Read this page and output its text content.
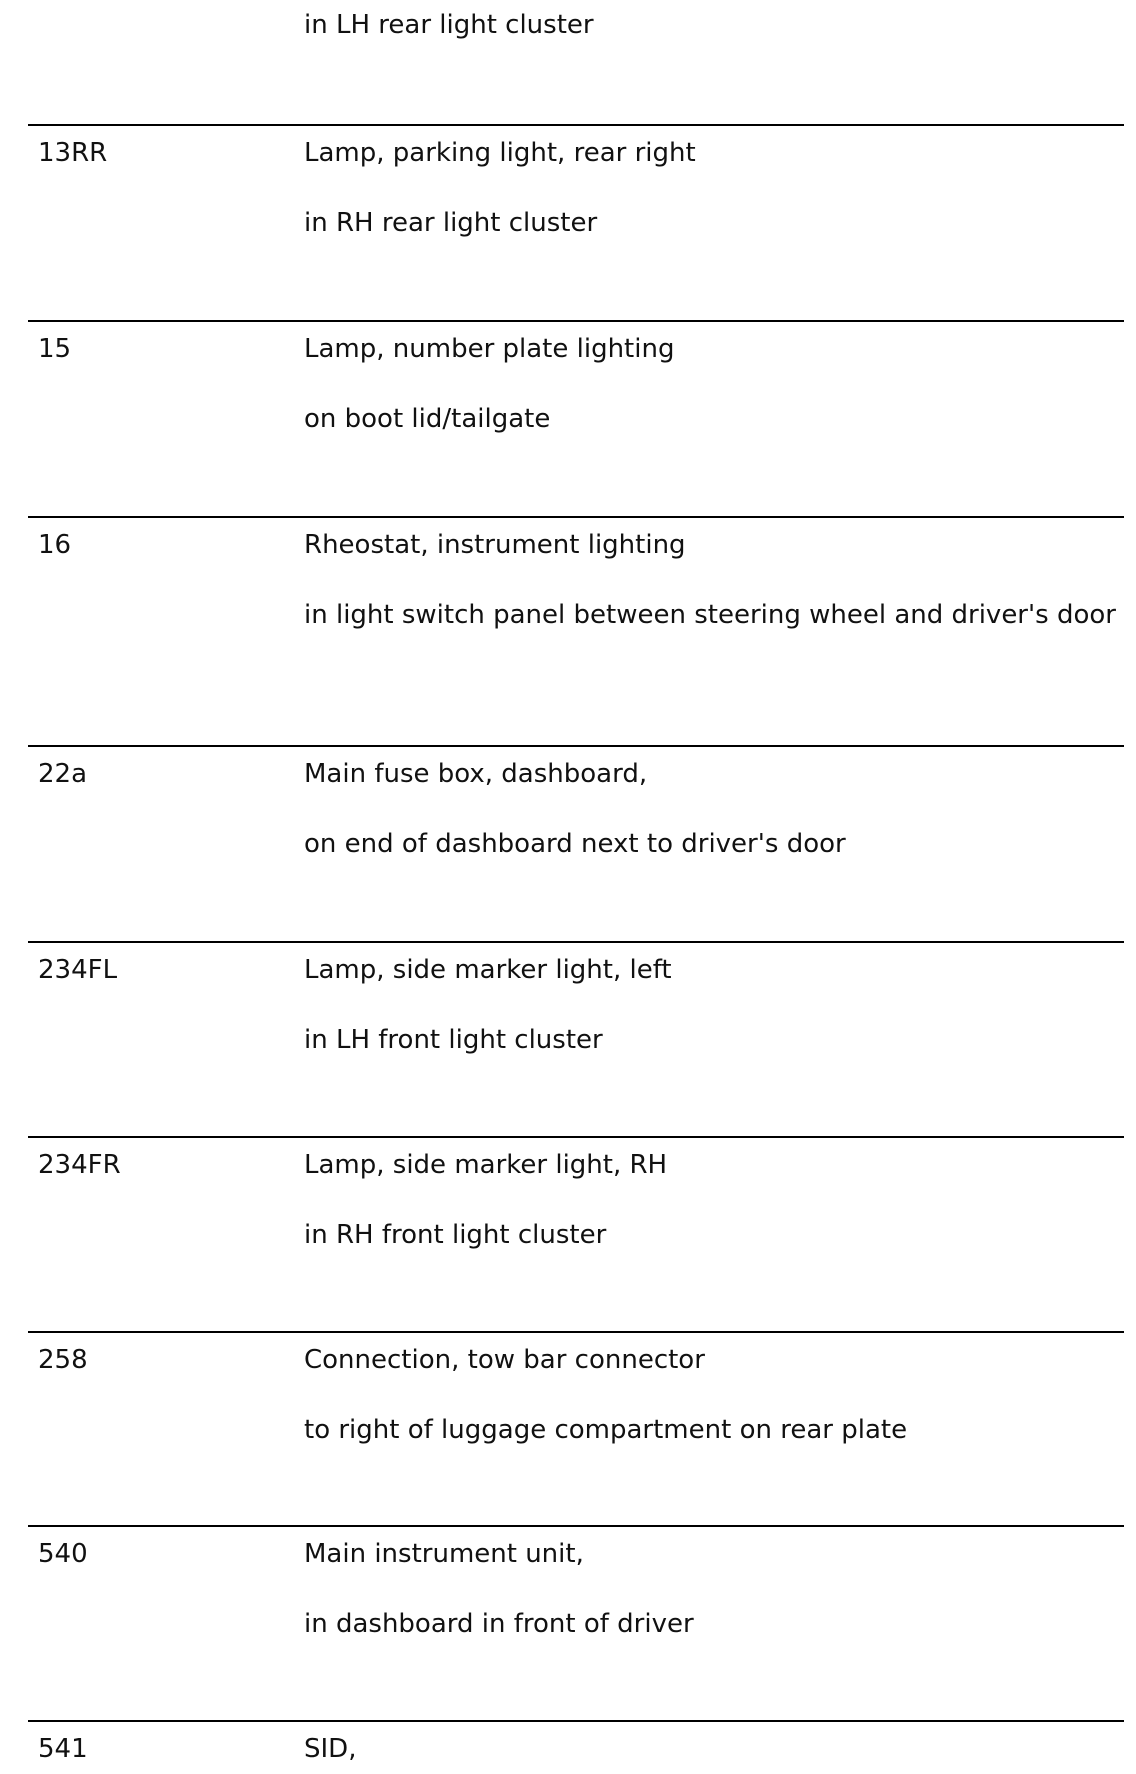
in LH rear light cluster

13RR	Lamp, parking light, rear right

in RH rear light cluster

15	Lamp, number plate lighting

on boot lid/tailgate

16	Rheostat, instrument lighting

in light switch panel between steering wheel and driver's door

22a	Main fuse box, dashboard,

on end of dashboard next to driver's door

234FL	Lamp, side marker light, left

in LH front light cluster

234FR	Lamp, side marker light, RH

in RH front light cluster

258	Connection, tow bar connector

to right of luggage compartment on rear plate

540	Main instrument unit,

in dashboard in front of driver

541	SID,
